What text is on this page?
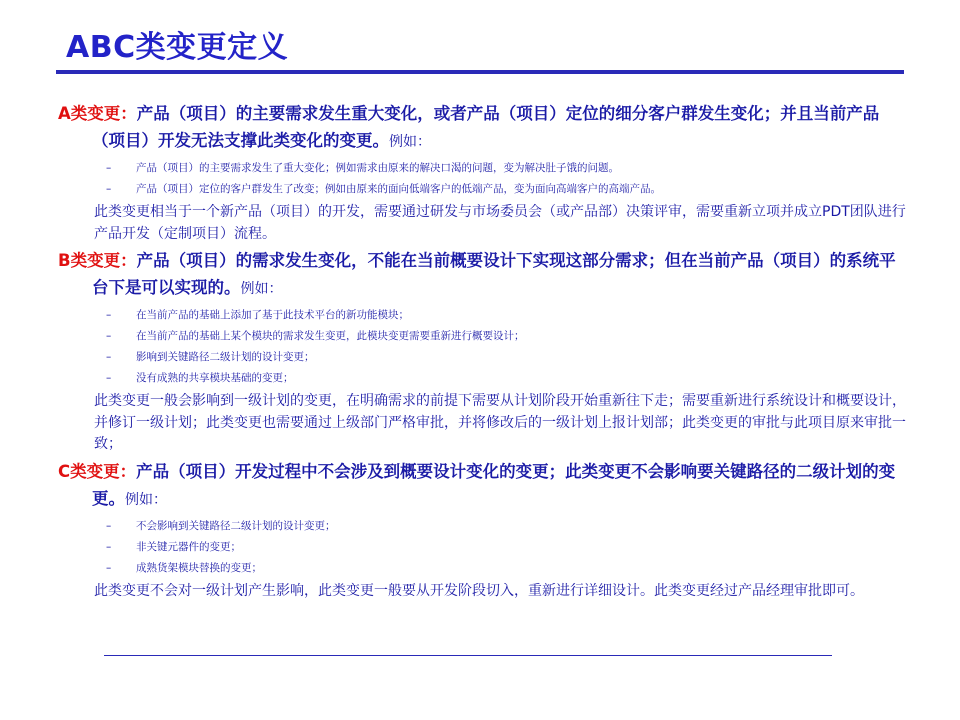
ABC类变更定义
A类变更：产品（项目）的主要需求发生重大变化，或者产品（项目）定位的细分客户群发生变化；并且当前产品（项目）开发无法支撑此类变化的变更。例如：
– 产品（项目）的主要需求发生了重大变化；例如需求由原来的解决口渴的问题，变为解决肚子饿的问题。
– 产品（项目）定位的客户群发生了改变；例如由原来的面向低端客户的低端产品，变为面向高端客户的高端产品。
此类变更相当于一个新产品（项目）的开发，需要通过研发与市场委员会（或产品部）决策评审，需要重新立项并成立PDT团队进行产品开发（定制项目）流程。
B类变更：产品（项目）的需求发生变化，不能在当前概要设计下实现这部分需求；但在当前产品（项目）的系统平台下是可以实现的。例如：
– 在当前产品的基础上添加了基于此技术平台的新功能模块；
– 在当前产品的基础上某个模块的需求发生变更，此模块变更需要重新进行概要设计；
– 影响到关键路径二级计划的设计变更；
– 没有成熟的共享模块基础的变更；
此类变更一般会影响到一级计划的变更，在明确需求的前提下需要从计划阶段开始重新往下走；需要重新进行系统设计和概要设计，并修订一级计划；此类变更也需要通过上级部门严格审批，并将修改后的一级计划上报计划部；此类变更的审批与此项目原来审批一致；
C类变更：产品（项目）开发过程中不会涉及到概要设计变化的变更；此类变更不会影响要关键路径的二级计划的变更。例如：
– 不会影响到关键路径二级计划的设计变更；
– 非关键元器件的变更；
– 成熟货架模块替换的变更；
此类变更不会对一级计划产生影响，此类变更一般要从开发阶段切入，重新进行详细设计。此类变更经过产品经理审批即可。
